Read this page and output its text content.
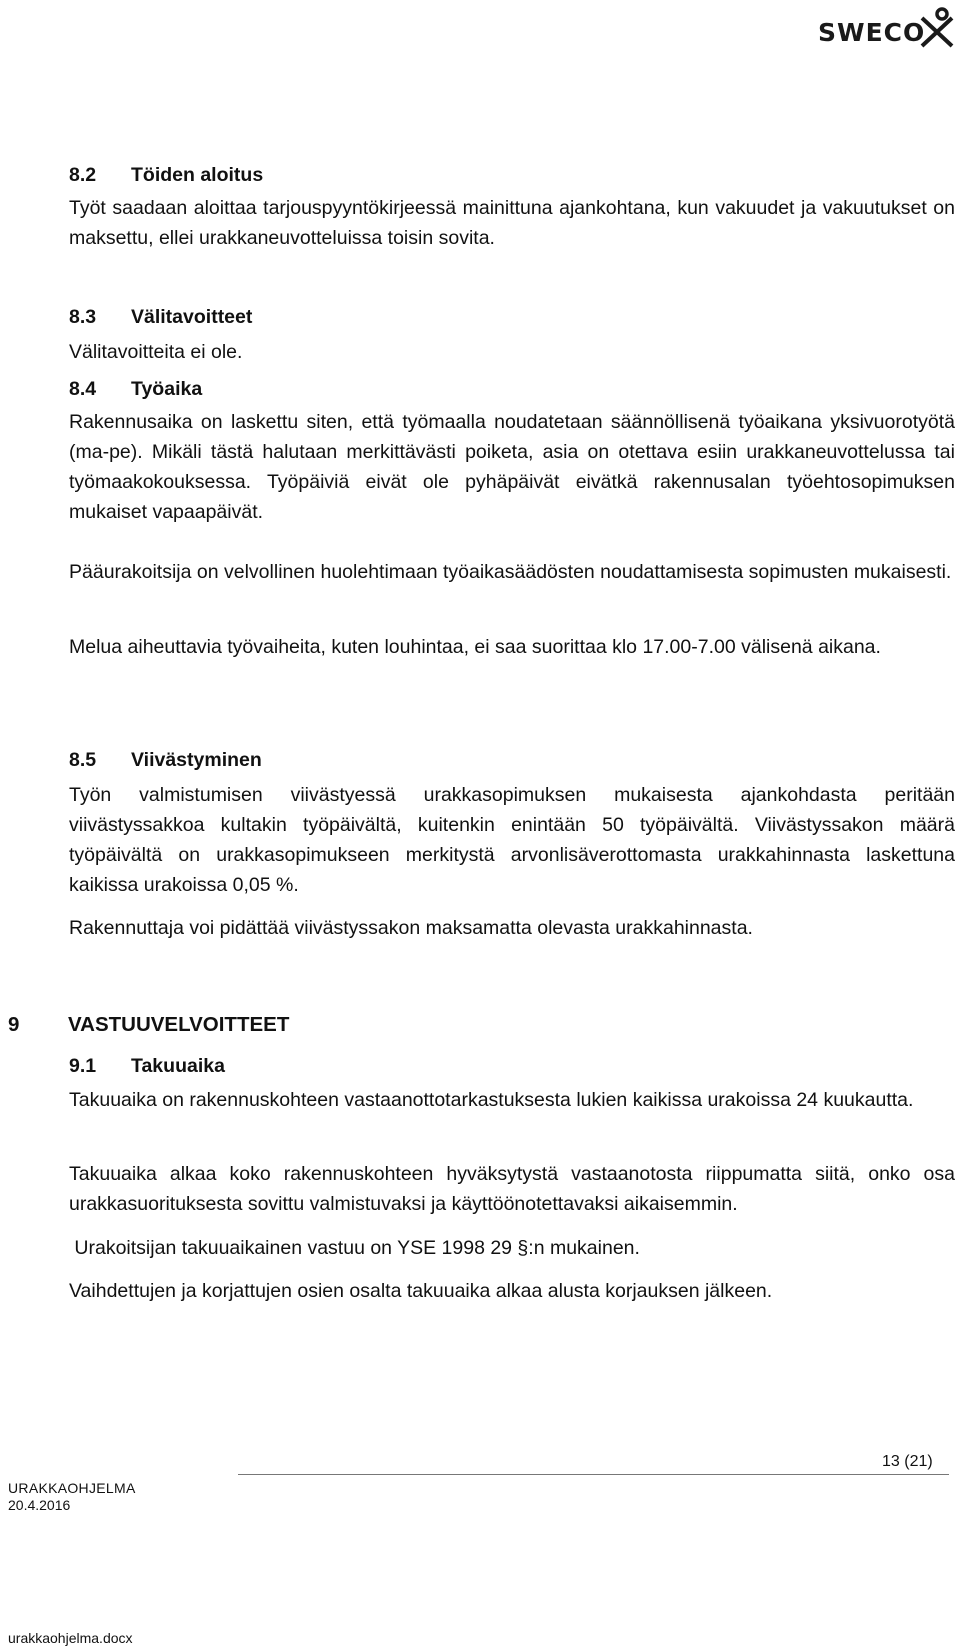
SWECO
8.2 Töiden aloitus

Työt saadaan aloittaa tarjouspyyntökirjeessä mainittuna ajankohtana, kun vakuudet ja vakuutukset on maksettu, ellei urakkaneuvotteluissa toisin sovita.

8.3 Välitavoitteet

Välitavoitteita ei ole.

8.4 Työaika

Rakennusaika on laskettu siten, että työmaalla noudatetaan säännöllisenä työaikana yksivuorotyötä (ma-pe). Mikäli tästä halutaan merkittävästi poiketa, asia on otettava esiin urakkaneuvottelussa tai työmaakokouksessa. Työpäiviä eivät ole pyhäpäivät eivätkä rakennusalan työehtosopimuksen mukaiset vapaapäivät.

Pääurakoitsija on velvollinen huolehtimaan työaikasäädösten noudattamisesta sopimusten mukaisesti.

Melua aiheuttavia työvaiheita, kuten louhintaa, ei saa suorittaa klo 17.00-7.00 välisenä aikana.

8.5 Viivästyminen

Työn valmistumisen viivästyessä urakkasopimuksen mukaisesta ajankohdasta peritään viivästyssakkoa kultakin työpäivältä, kuitenkin enintään 50 työpäivältä. Viivästyssakon määrä työpäivältä on urakkasopimukseen merkitystä arvonlisäverottomasta urakkahinnasta laskettuna kaikissa urakoissa 0,05 %.

Rakennuttaja voi pidättää viivästyssakon maksamatta olevasta urakkahinnasta.

9 VASTUUVELVOITTEET
9.1 Takuuaika

Takuuaika on rakennuskohteen vastaanottotarkastuksesta lukien kaikissa urakoissa 24 kuukautta.

Takuuaika alkaa koko rakennuskohteen hyväksytystä vastaanotosta riippumatta siitä, onko osa urakkasuorituksesta sovittu valmistuvaksi ja käyttöönotettavaksi aikaisemmin.

Urakoitsijan takuuaikainen vastuu on YSE 1998 29 §:n mukainen.

Vaihdettujen ja korjattujen osien osalta takuuaika alkaa alusta korjauksen jälkeen.

13 (21)
URAKKAOHJELMA
20.4.2016
urakkaohjelma.docx
